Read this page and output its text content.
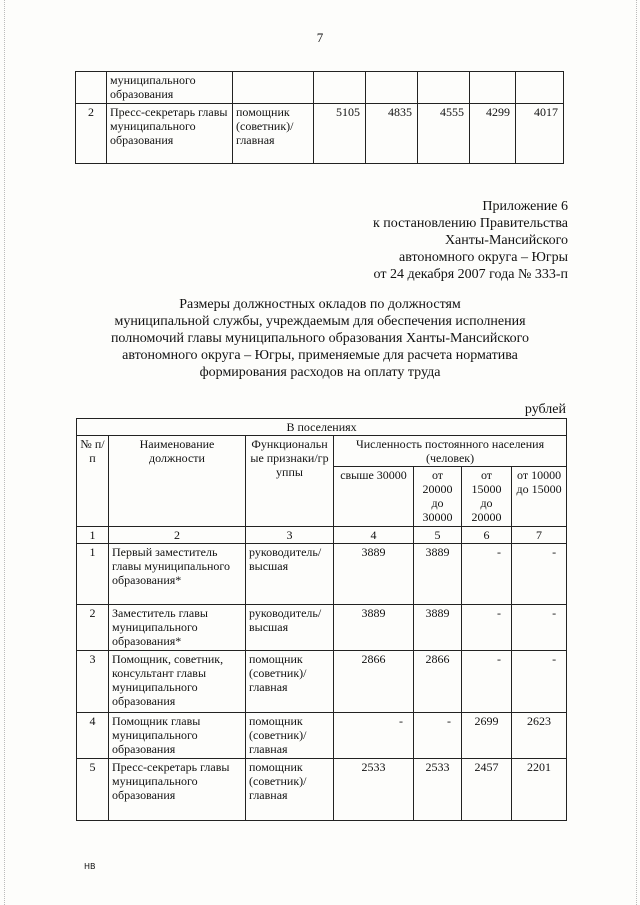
7
	муниципального образования						
2	Пресс-секретарь главы муниципального образования	помощник (советник)/ главная	5105	4835	4555	4299	4017
Приложение 6
к постановлению Правительства
Ханты-Мансийского
автономного округа – Югры
от 24 декабря 2007 года № 333-п
Размеры должностных окладов по должностям
муниципальной службы, учреждаемым для обеспечения исполнения
полномочий главы муниципального образования Ханты-Мансийского
автономного округа – Югры, применяемые для расчета норматива
формирования расходов на оплату труда
рублей
В поселениях						
№ п/п	Наименование должности	Функциональные признаки/группы	Численность постоянного населения (человек)			
			свыше 30000	от 20000 до 30000	от 15000 до 20000	от 10000 до 15000
1	2	3	4	5	6	7
1	Первый заместитель главы муниципального образования*	руководитель/ высшая	3889	3889	-	-
2	Заместитель главы муниципального образования*	руководитель/ высшая	3889	3889	-	-
3	Помощник, советник, консультант главы муниципального образования	помощник (советник)/ главная	2866	2866	-	-
4	Помощник главы муниципального образования	помощник (советник)/ главная	-	-	2699	2623
5	Пресс-секретарь главы муниципального образования	помощник (советник)/ главная	2533	2533	2457	2201
НВ
